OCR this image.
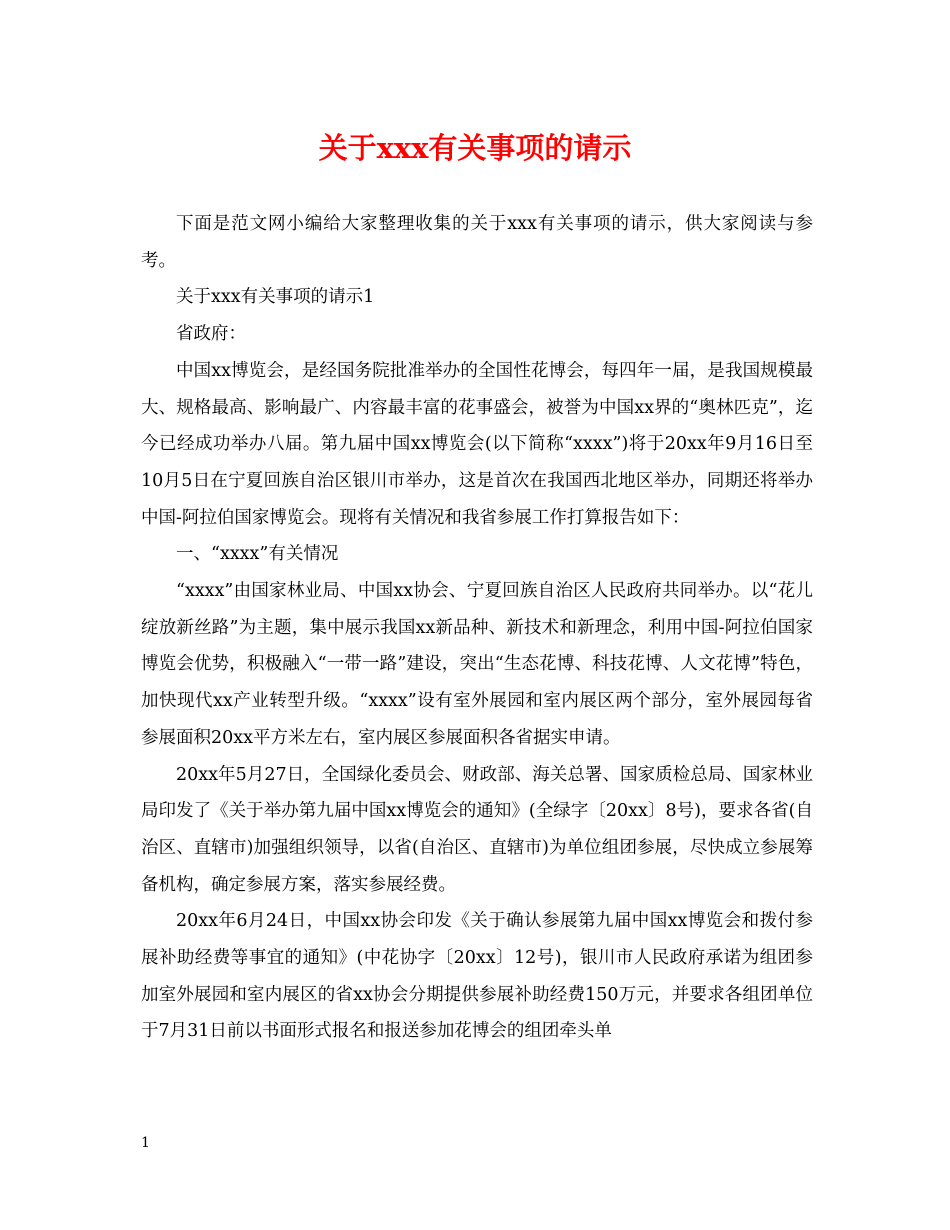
关于xxx有关事项的请示

下面是范文网小编给大家整理收集的关于xxx有关事项的请示，供大家阅读与参考。

关于xxx有关事项的请示1

省政府：

中国xx博览会，是经国务院批准举办的全国性花博会，每四年一届，是我国规模最大、规格最高、影响最广、内容最丰富的花事盛会，被誉为中国xx界的“奥林匹克”，迄今已经成功举办八届。第九届中国xx博览会(以下简称“xxxx”)将于20xx年9月16日至10月5日在宁夏回族自治区银川市举办，这是首次在我国西北地区举办，同期还将举办中国-阿拉伯国家博览会。现将有关情况和我省参展工作打算报告如下：

一、“xxxx”有关情况

“xxxx”由国家林业局、中国xx协会、宁夏回族自治区人民政府共同举办。以“花儿绽放新丝路”为主题，集中展示我国xx新品种、新技术和新理念，利用中国-阿拉伯国家博览会优势，积极融入“一带一路”建设，突出“生态花博、科技花博、人文花博”特色，加快现代xx产业转型升级。“xxxx”设有室外展园和室内展区两个部分，室外展园每省参展面积20xx平方米左右，室内展区参展面积各省据实申请。

20xx年5月27日，全国绿化委员会、财政部、海关总署、国家质检总局、国家林业局印发了《关于举办第九届中国xx博览会的通知》(全绿字〔20xx〕8号)，要求各省(自治区、直辖市)加强组织领导，以省(自治区、直辖市)为单位组团参展，尽快成立参展筹备机构，确定参展方案，落实参展经费。

20xx年6月24日，中国xx协会印发《关于确认参展第九届中国xx博览会和拨付参展补助经费等事宜的通知》(中花协字〔20xx〕12号)，银川市人民政府承诺为组团参加室外展园和室内展区的省xx协会分期提供参展补助经费150万元，并要求各组团单位于7月31日前以书面形式报名和报送参加花博会的组团牵头单

1
